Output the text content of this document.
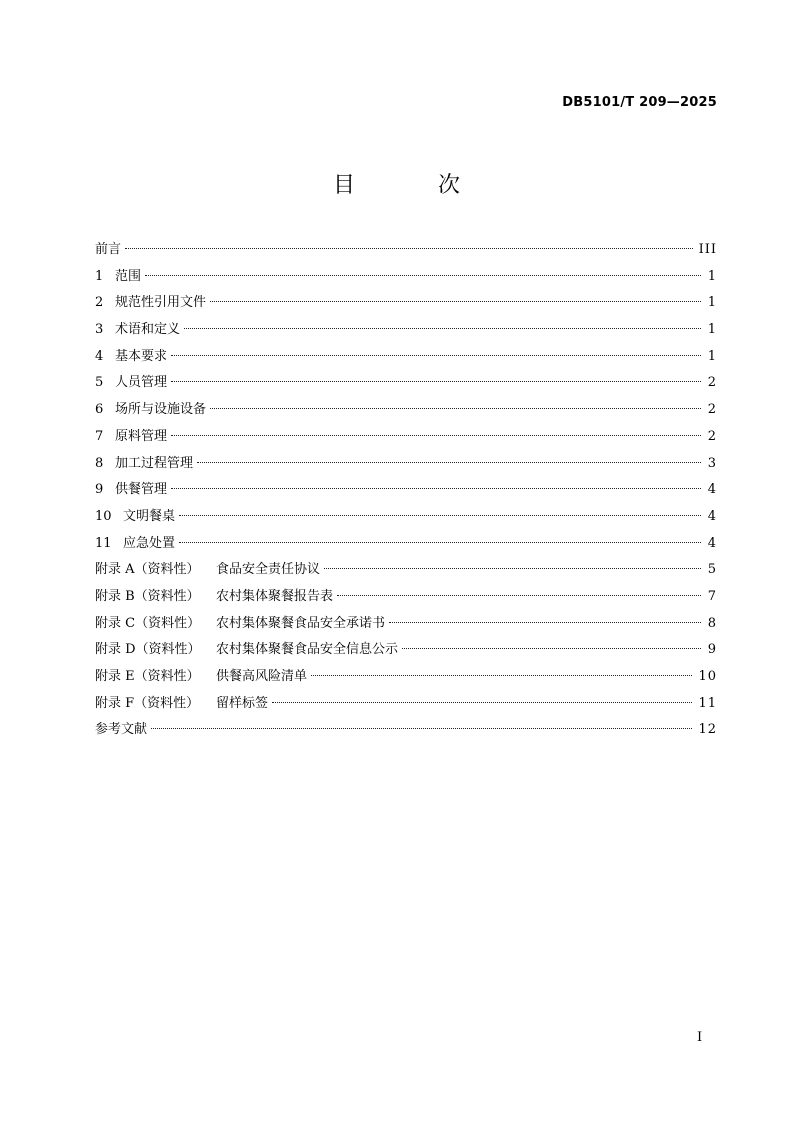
DB5101/T 209—2025
目 次
前言	III
1 范围	1
2 规范性引用文件	1
3 术语和定义	1
4 基本要求	1
5 人员管理	2
6 场所与设施设备	2
7 原料管理	2
8 加工过程管理	3
9 供餐管理	4
10 文明餐桌	4
11 应急处置	4
附录 A（资料性）	食品安全责任协议	5
附录 B（资料性）	农村集体聚餐报告表	7
附录 C（资料性）	农村集体聚餐食品安全承诺书	8
附录 D（资料性）	农村集体聚餐食品安全信息公示	9
附录 E（资料性）	供餐高风险清单	10
附录 F（资料性）	留样标签	11
参考文献	12
I
